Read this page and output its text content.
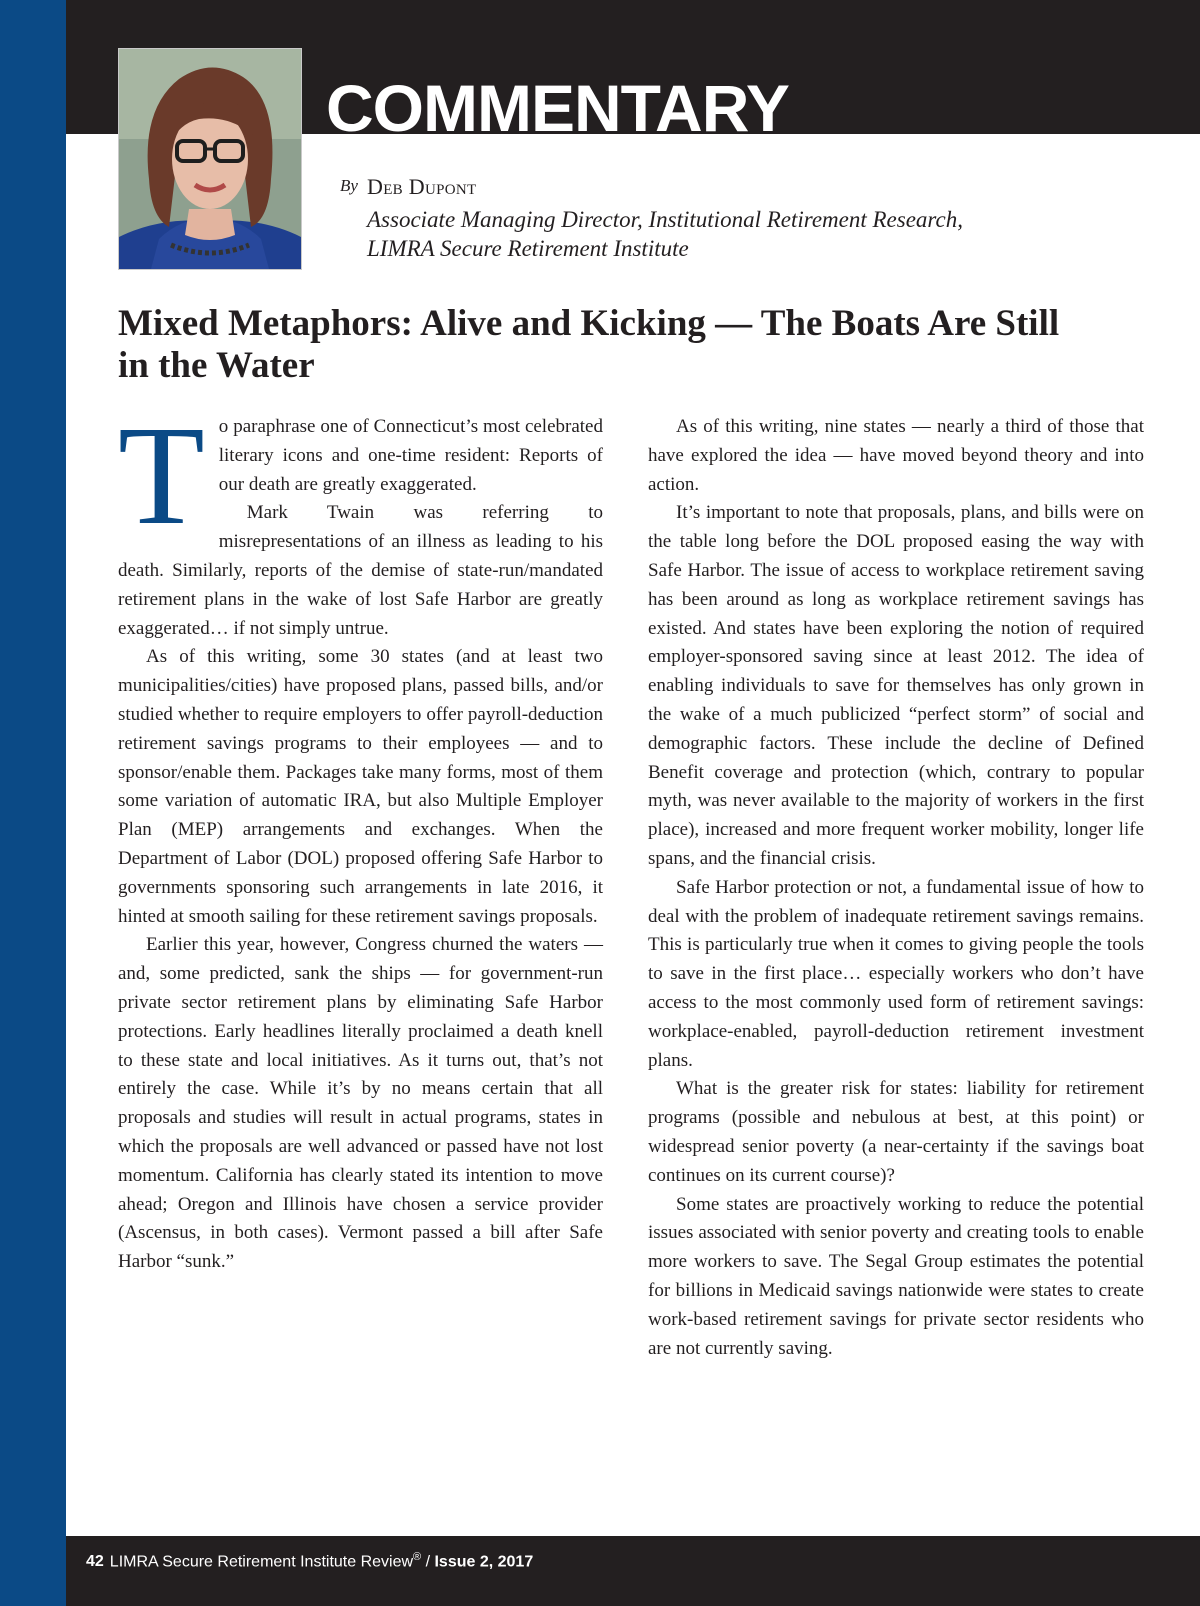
COMMENTARY
By Deb Dupont
Associate Managing Director, Institutional Retirement Research,
LIMRA Secure Retirement Institute
Mixed Metaphors: Alive and Kicking — The Boats Are Still in the Water

To paraphrase one of Connecticut’s most celebrated literary icons and one-time resident: Reports of our death are greatly exaggerated.

Mark Twain was referring to misrepresentations of an illness as leading to his death. Similarly, reports of the demise of state-run/mandated retirement plans in the wake of lost Safe Harbor are greatly exaggerated… if not simply untrue.

As of this writing, some 30 states (and at least two municipalities/cities) have proposed plans, passed bills, and/or studied whether to require employers to offer payroll-deduction retirement savings programs to their employees — and to sponsor/enable them. Packages take many forms, most of them some variation of automatic IRA, but also Multiple Employer Plan (MEP) arrangements and exchanges. When the Department of Labor (DOL) proposed offering Safe Harbor to governments sponsoring such arrangements in late 2016, it hinted at smooth sailing for these retirement savings proposals.

Earlier this year, however, Congress churned the waters — and, some predicted, sank the ships — for government-run private sector retirement plans by eliminating Safe Harbor protections. Early headlines literally proclaimed a death knell to these state and local initiatives. As it turns out, that’s not entirely the case. While it’s by no means certain that all proposals and studies will result in actual programs, states in which the proposals are well advanced or passed have not lost momentum. California has clearly stated its intention to move ahead; Oregon and Illinois have chosen a service provider (Ascensus, in both cases). Vermont passed a bill after Safe Harbor “sunk.”

As of this writing, nine states — nearly a third of those that have explored the idea — have moved beyond theory and into action.

It’s important to note that proposals, plans, and bills were on the table long before the DOL proposed easing the way with Safe Harbor. The issue of access to workplace retirement saving has been around as long as workplace retirement savings has existed. And states have been exploring the notion of required employer-sponsored saving since at least 2012. The idea of enabling individuals to save for themselves has only grown in the wake of a much publicized “perfect storm” of social and demographic factors. These include the decline of Defined Benefit coverage and protection (which, contrary to popular myth, was never available to the majority of workers in the first place), increased and more frequent worker mobility, longer life spans, and the financial crisis.

Safe Harbor protection or not, a fundamental issue of how to deal with the problem of inadequate retirement savings remains. This is particularly true when it comes to giving people the tools to save in the first place… especially workers who don’t have access to the most commonly used form of retirement savings: workplace-enabled, payroll-deduction retirement investment plans.

What is the greater risk for states: liability for retirement programs (possible and nebulous at best, at this point) or widespread senior poverty (a near-certainty if the savings boat continues on its current course)?

Some states are proactively working to reduce the potential issues associated with senior poverty and creating tools to enable more workers to save. The Segal Group estimates the potential for billions in Medicaid savings nationwide were states to create work-based retirement savings for private sector residents who are not currently saving.

42 LIMRA Secure Retirement Institute Review® / Issue 2, 2017
